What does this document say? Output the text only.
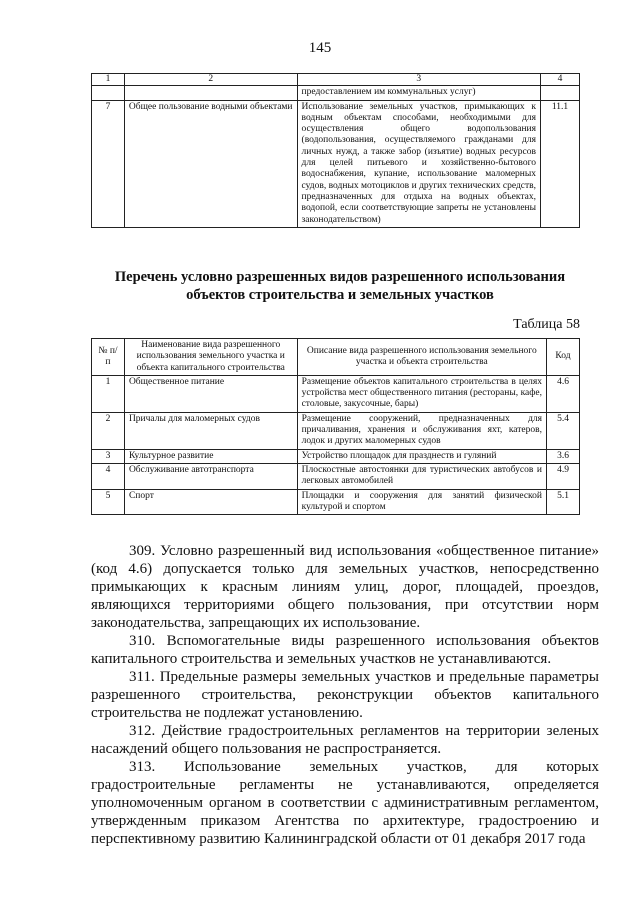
145
1	2	3	4
		предоставлением им коммунальных услуг)	
7	Общее пользование водными объектами	Использование земельных участков, примыкающих к водным объектам способами, необходимыми для осуществления общего водопользования (водопользования, осуществляемого гражданами для личных нужд, а также забор (изъятие) водных ресурсов для целей питьевого и хозяйственно-бытового водоснабжения, купание, использование маломерных судов, водных мотоциклов и других технических средств, предназначенных для отдыха на водных объектах, водопой, если соответствующие запреты не установлены законодательством)	11.1
Перечень условно разрешенных видов разрешенного использования
объектов строительства и земельных участков
Таблица 58
№ п/п	Наименование вида разрешенного использования земельного участка и объекта капитального строительства	Описание вида разрешенного использования земельного участка и объекта строительства	Код
1	Общественное питание	Размещение объектов капитального строительства в целях устройства мест общественного питания (рестораны, кафе, столовые, закусочные, бары)	4.6
2	Причалы для маломерных судов	Размещение сооружений, предназначенных для причаливания, хранения и обслуживания яхт, катеров, лодок и других маломерных судов	5.4
3	Культурное развитие	Устройство площадок для празднеств и гуляний	3.6
4	Обслуживание автотранспорта	Плоскостные автостоянки для туристических автобусов и легковых автомобилей	4.9
5	Спорт	Площадки и сооружения для занятий физической культурой и спортом	5.1

309. Условно разрешенный вид использования «общественное питание» (код 4.6) допускается только для земельных участков, непосредственно примыкающих к красным линиям улиц, дорог, площадей, проездов, являющихся территориями общего пользования, при отсутствии норм законодательства, запрещающих их использование.

310. Вспомогательные виды разрешенного использования объектов капитального строительства и земельных участков не устанавливаются.

311. Предельные размеры земельных участков и предельные параметры разрешенного строительства, реконструкции объектов капитального строительства не подлежат установлению.

312. Действие градостроительных регламентов на территории зеленых насаждений общего пользования не распространяется.

313. Использование земельных участков, для которых градостроительные регламенты не устанавливаются, определяется уполномоченным органом в соответствии с административным регламентом, утвержденным приказом Агентства по архитектуре, градостроению и перспективному развитию Калининградской области от 01 декабря 2017 года
